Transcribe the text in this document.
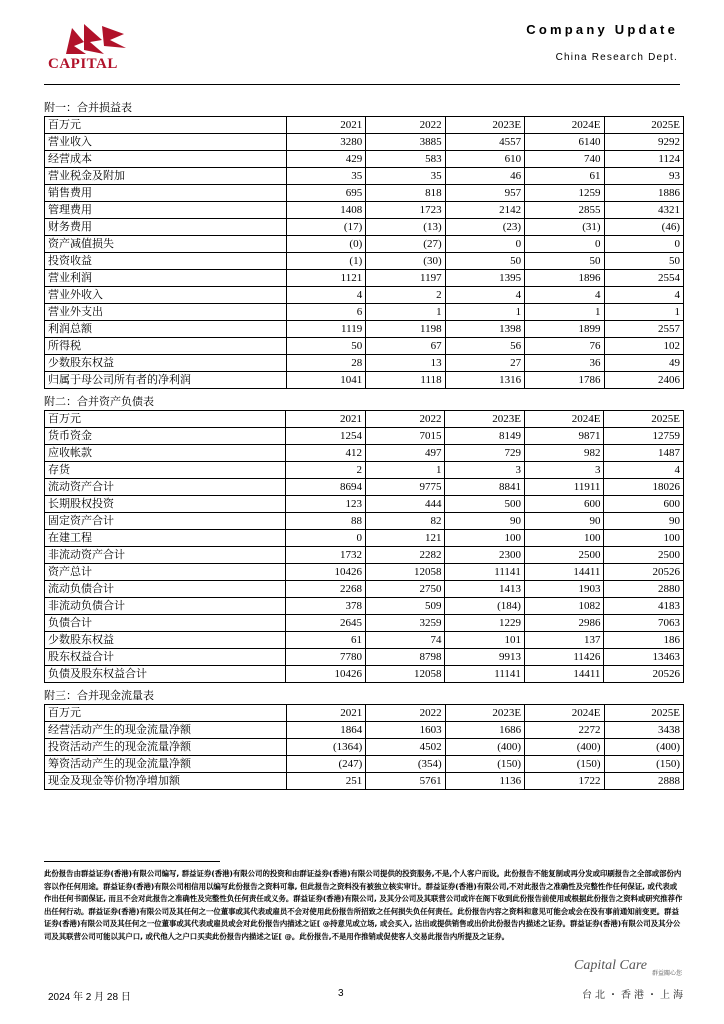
CAPITAL
Company Update
China Research Dept.
附一：合并损益表
百万元	2021	2022	2023E	2024E	2025E
营业收入	3280	3885	4557	6140	9292
经营成本	429	583	610	740	1124
营业税金及附加	35	35	46	61	93
销售费用	695	818	957	1259	1886
管理费用	1408	1723	2142	2855	4321
财务费用	(17)	(13)	(23)	(31)	(46)
资产减值损失	(0)	(27)	0	0	0
投资收益	(1)	(30)	50	50	50
营业利润	1121	1197	1395	1896	2554
营业外收入	4	2	4	4	4
营业外支出	6	1	1	1	1
利润总额	1119	1198	1398	1899	2557
所得税	50	67	56	76	102
少数股东权益	28	13	27	36	49
归属于母公司所有者的净利润	1041	1118	1316	1786	2406
附二：合并资产负债表
百万元	2021	2022	2023E	2024E	2025E
货币资金	1254	7015	8149	9871	12759
应收帐款	412	497	729	982	1487
存货	2	1	3	3	4
流动资产合计	8694	9775	8841	11911	18026
长期股权投资	123	444	500	600	600
固定资产合计	88	82	90	90	90
在建工程	0	121	100	100	100
非流动资产合计	1732	2282	2300	2500	2500
资产总计	10426	12058	11141	14411	20526
流动负债合计	2268	2750	1413	1903	2880
非流动负债合计	378	509	(184)	1082	4183
负债合计	2645	3259	1229	2986	7063
少数股东权益	61	74	101	137	186
股东权益合计	7780	8798	9913	11426	13463
负债及股东权益合计	10426	12058	11141	14411	20526
附三：合并现金流量表
百万元	2021	2022	2023E	2024E	2025E
经营活动产生的现金流量净额	1864	1603	1686	2272	3438
投资活动产生的现金流量净额	(1364)	4502	(400)	(400)	(400)
筹资活动产生的现金流量净额	(247)	(354)	(150)	(150)	(150)
现金及现金等价物净增加额	251	5761	1136	1722	2888
此份报告由群益证券(香港)有限公司编写, 群益证券(香港)有限公司的投资和由群证益券(香港)有限公司提供的投资服务,不是,个人客户而设。此份报告不能复制或再分发或印刷报告之全部或部份内容以作任何用途。群益证券(香港)有限公司相信用以编写此份报告之资料可靠, 但此报告之资料没有被独立核实审计。群益证券(香港)有限公司,不对此报告之准确性及完整性作任何保证, 或代表或作出任何书面保证, 而且不会对此报告之准确性及完整性负任何责任或义务。群益证券(香港)有限公司, 及其分公司及其联营公司或许在阁下收到此份报告前使用或根据此份报告之资料或研究推荐作出任何行动。群益证券(香港)有限公司及其任何之一位董事或其代表或雇员不会对使用此份报告所招致之任何损失负任何责任。此份报告内容之资料和意见可能会或会在没有事前通知前变更。群益证券(香港)有限公司及其任何之一位董事或其代表或雇员或会对此份报告内描述之证[ @持意见或立场, 或会买入, 沽出或提供销售或出价此份报告内描述之证券。群益证券(香港)有限公司及其分公司及其联营公司可能以其户口, 或代他人之户口买卖此份报告内描述之证[ @。此份报告,不是用作推销或促使客人交易此报告内所提及之证券。
2024 年 2 月 28 日	3
Capital Care
群益關心您
台北・香港・上海
